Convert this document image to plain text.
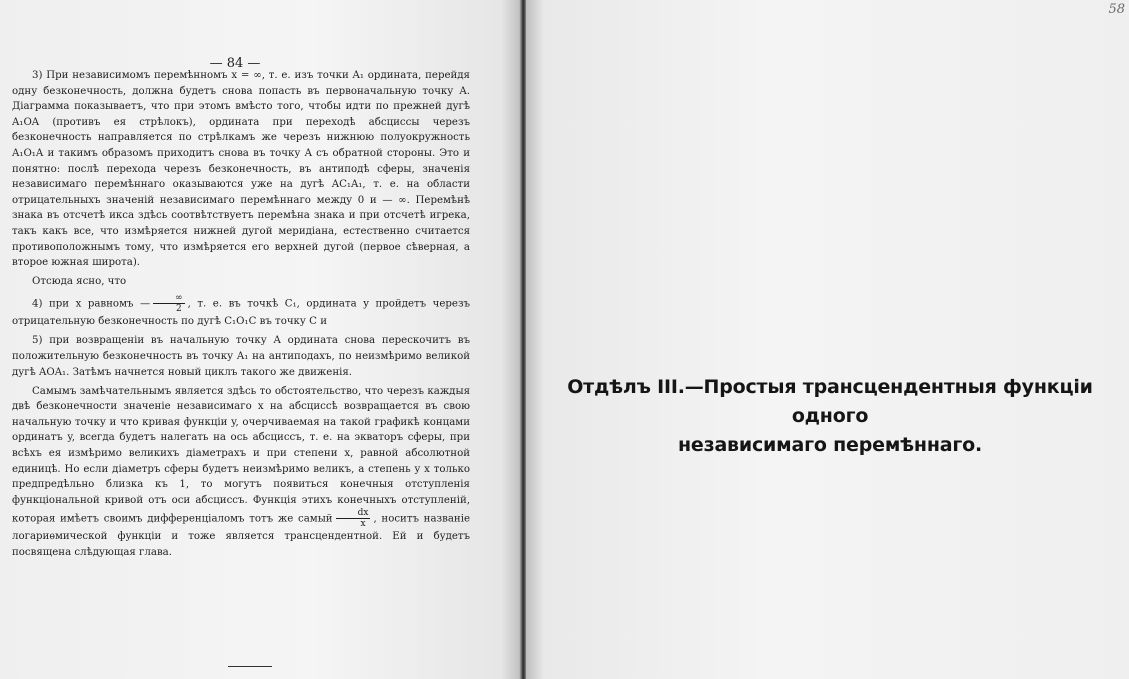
— 84 —

3) При независимомъ перемѣнномъ x = ∞, т. е. изъ точки A₁ ордината, перейдя одну безконечность, должна будетъ снова попасть въ первоначальную точку A. Діаграмма показываетъ, что при этомъ вмѣсто того, чтобы идти по прежней дугѣ A₁OA (противъ ея стрѣлокъ), ордината при переходѣ абсциссы черезъ безконечность направляется по стрѣлкамъ же черезъ нижнюю полуокружность A₁O₁A и такимъ образомъ приходитъ снова въ точку A съ обратной стороны. Это и понятно: послѣ перехода черезъ безконечность, въ антиподѣ сферы, значенія независимаго перемѣннаго оказываются уже на дугѣ AC₁A₁, т. е. на области отрицательныхъ значеній независимаго перемѣннаго между 0 и — ∞. Перемѣнѣ знака въ отсчетѣ икса здѣсь соотвѣтствуетъ перемѣна знака и при отсчетѣ игрека, такъ какъ все, что измѣряется нижней дугой меридіана, естественно считается противоположнымъ тому, что измѣряется его верхней дугой (первое сѣверная, а второе южная широта).

Отсюда ясно, что

4) при x равномъ — $\frac{\infty}{2}$ , т. е. въ точкѣ C₁, ордината y пройдетъ черезъ отрицательную безконечность по дугѣ C₁O₁C въ точку C и

5) при возвращеніи въ начальную точку A ордината снова перескочитъ въ положительную безконечность въ точку A₁ на антиподахъ, по неизмѣримо великой дугѣ AOA₁. Затѣмъ начнется новый циклъ такого же движенія.

Самымъ замѣчательнымъ является здѣсь то обстоятельство, что черезъ каждыя двѣ безконечности значеніе независимаго x на абсциссѣ возвращается въ свою начальную точку и что кривая функціи y, очерчиваемая на такой графикѣ концами ординатъ y, всегда будетъ налегать на ось абсциссъ, т. е. на экваторъ сферы, при всѣхъ ея измѣримо великихъ діаметрахъ и при степени x, равной абсолютной единицѣ. Но если діаметръ сферы будетъ неизмѣримо великъ, а степень y x только предпредѣльно близка къ 1, то могутъ появиться конечныя отступленія функціональной кривой отъ оси абсциссъ. Функція этихъ конечныхъ отступленій, которая имѣетъ своимъ дифференціаломъ тотъ же самый $\frac{dx}{x}$ , носитъ названіе логариѳмической функціи и тоже является трансцендентной. Ей и будетъ посвящена слѣдующая глава.

58
Отдѣлъ III.—Простыя трансцендентныя функціи одного
независимаго перемѣннаго.
